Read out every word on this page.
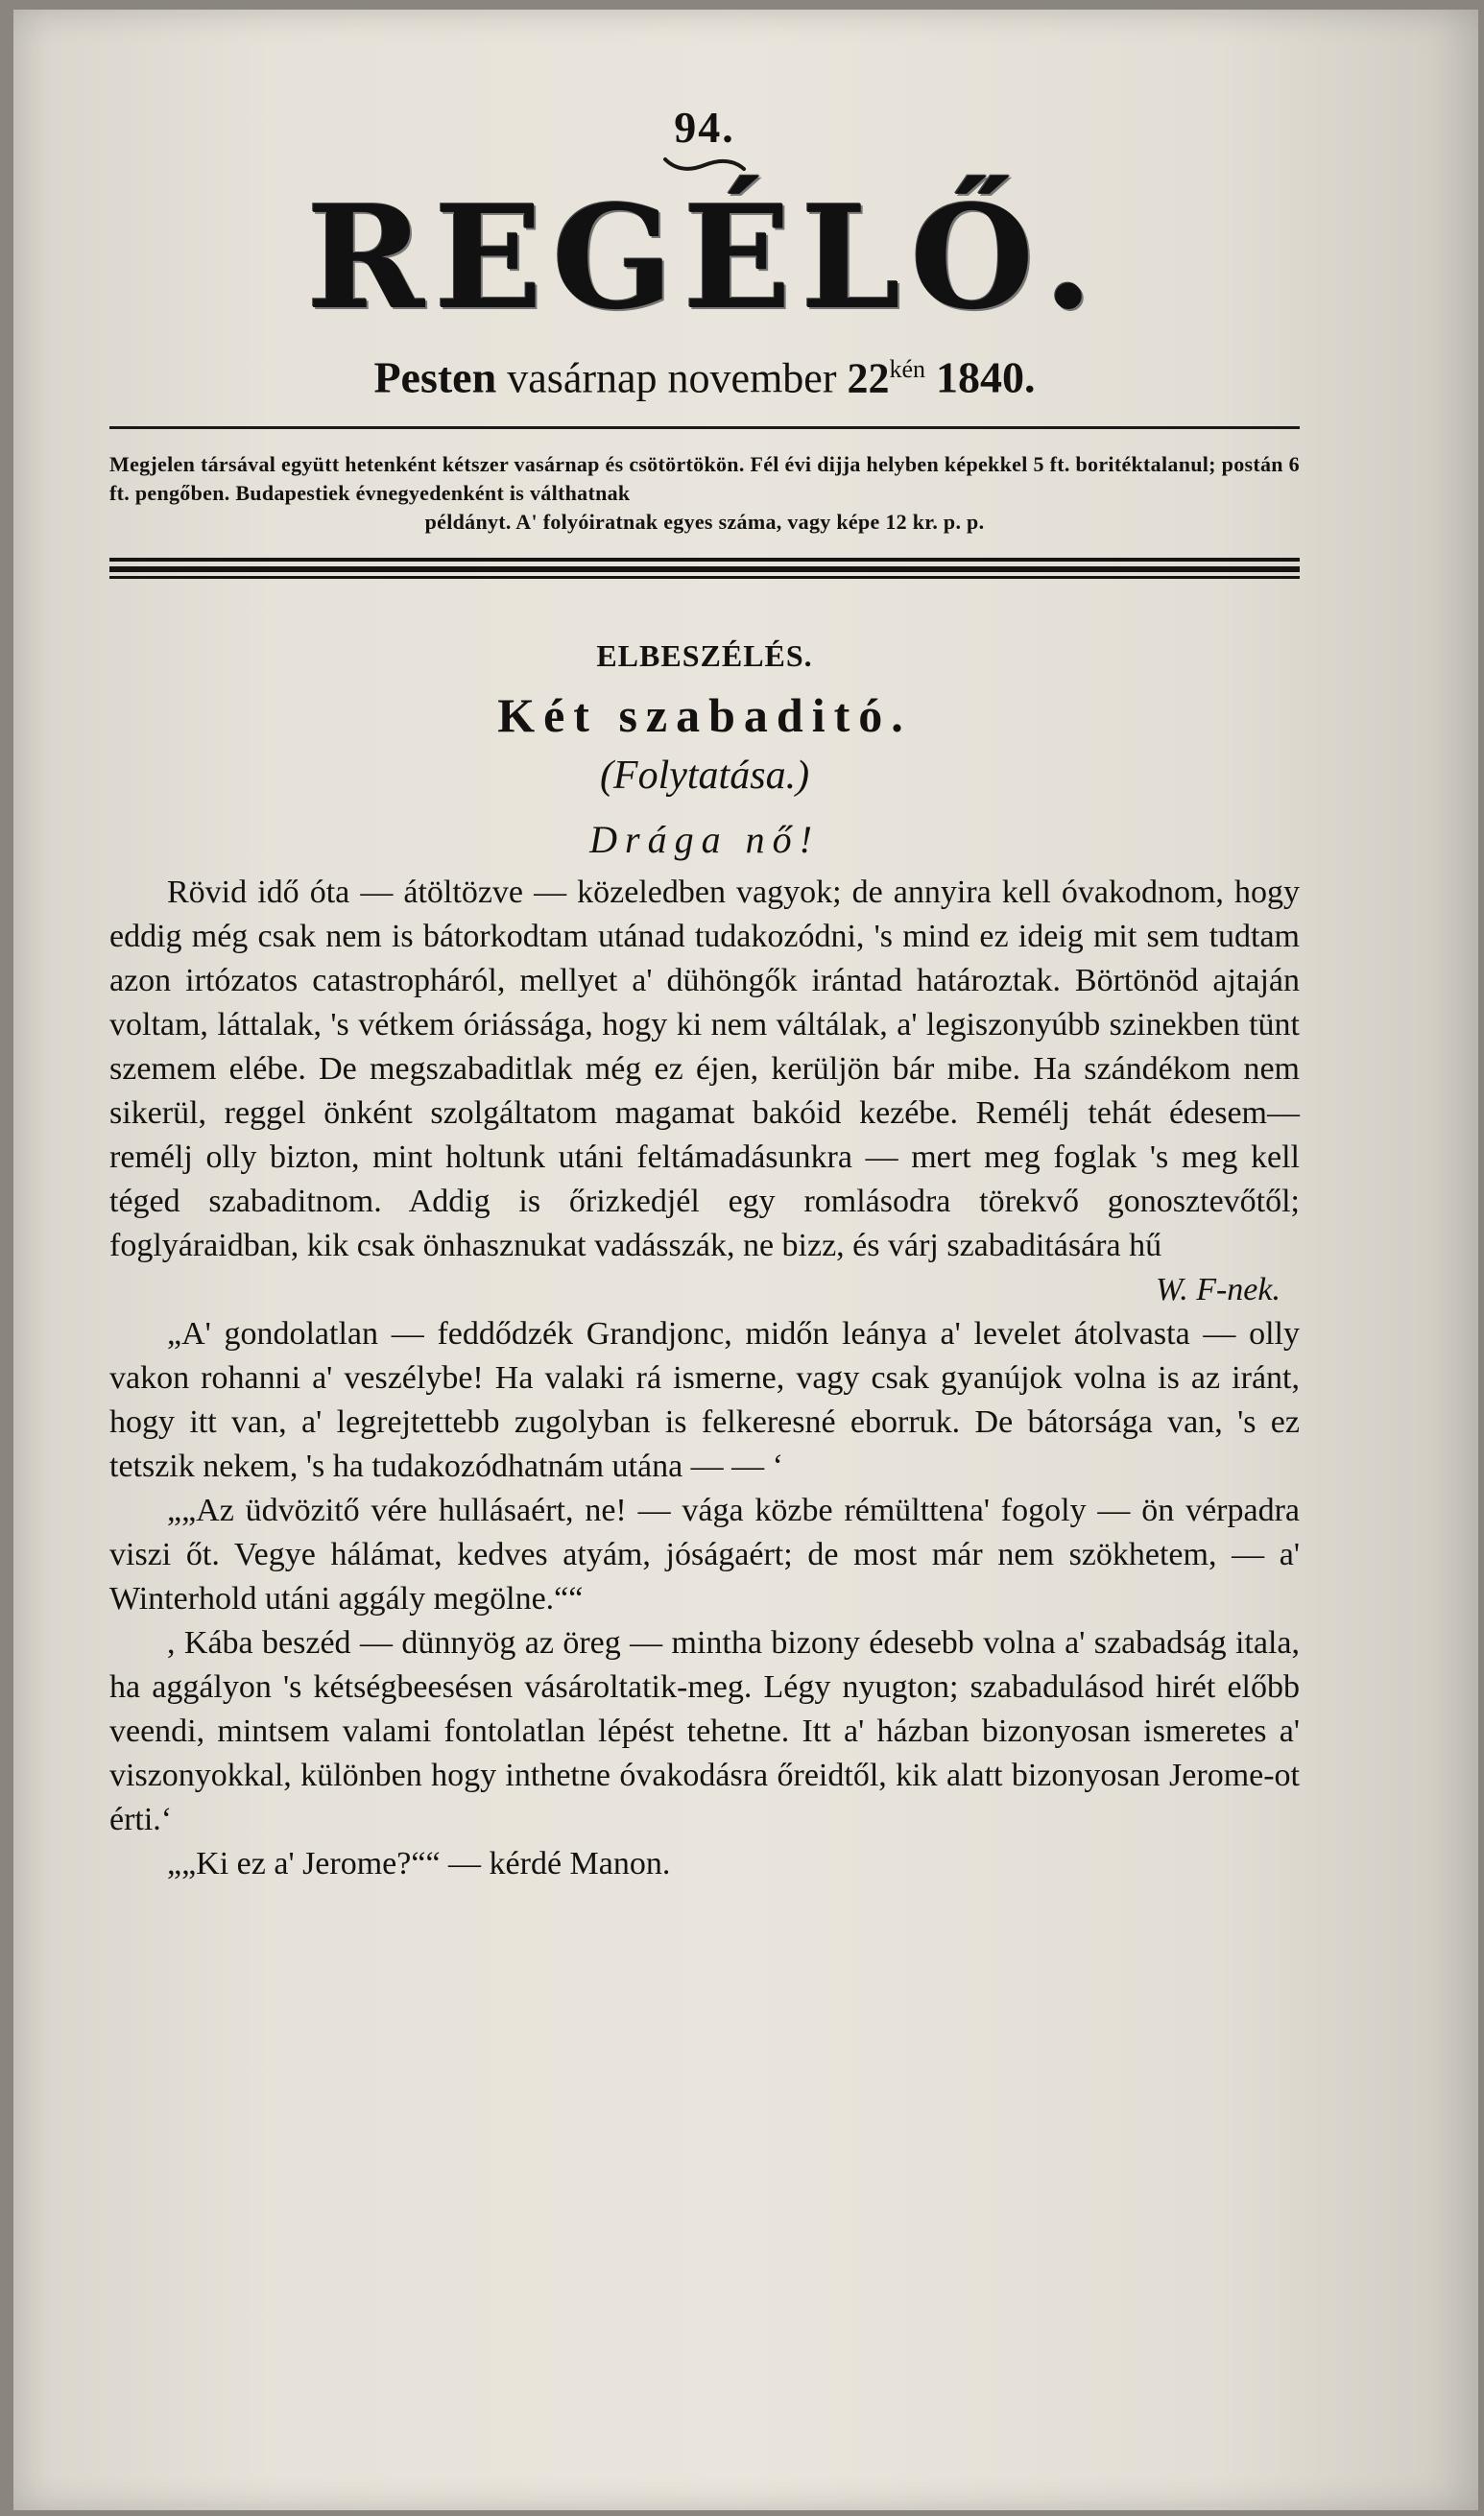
94.
REGÉLŐ.
Pesten vasárnap november $22^{kén}$ 1840.
Megjelen társával együtt hetenként kétszer vasárnap és csötörtökön. Fél évi dijja helyben képekkel 5 ft. boritéktalanul; postán 6 ft. pengőben. Budapestiek évnegyedenként is válthatnak
példányt. A' folyóiratnak egyes száma, vagy képe 12 kr. p. p.
ELBESZÉLÉS.
Két szabaditó.
(Folytatása.)
Drága nő!

Rövid idő óta — átöltözve — közeledben vagyok; de annyira kell óvakodnom, hogy eddig még csak nem is bátorkodtam utánad tudakozódni, 's mind ez ideig mit sem tudtam azon irtózatos catastropháról, mellyet a' dühöngők irántad határoztak. Börtönöd ajtaján voltam, láttalak, 's vétkem óriássága, hogy ki nem váltálak, a' legiszonyúbb szinekben tünt szemem elébe. De megszabaditlak még ez éjen, kerüljön bár mibe. Ha szándékom nem sikerül, reggel önként szolgáltatom magamat bakóid kezébe. Remélj tehát édesem— remélj olly bizton, mint holtunk utáni feltámadásunkra — mert meg foglak 's meg kell téged szabaditnom. Addig is őrizkedjél egy romlásodra törekvő gonosztevőtől; foglyáraidban, kik csak önhasznukat vadásszák, ne bizz, és várj szabaditására hű
W. F-nek.

„A' gondolatlan — feddődzék Grandjonc, midőn leánya a' levelet átolvasta — olly vakon rohanni a' veszélybe! Ha valaki rá ismerne, vagy csak gyanújok volna is az iránt, hogy itt van, a' legrejtettebb zugolyban is felkeresné eborruk. De bátorsága van, 's ez tetszik nekem, 's ha tudakozódhatnám utána — — ‘

„„Az üdvözitő vére hullásaért, ne! — vága közbe rémülttena' fogoly — ön vérpadra viszi őt. Vegye hálámat, kedves atyám, jóságaért; de most már nem szökhetem, — a' Winterhold utáni aggály megölne.““

, Kába beszéd — dünnyög az öreg — mintha bizony édesebb volna a' szabadság itala, ha aggályon 's kétségbeesésen vásároltatik-meg. Légy nyugton; szabadulásod hirét előbb veendi, mintsem valami fontolatlan lépést tehetne. Itt a' házban bizonyosan ismeretes a' viszonyokkal, különben hogy inthetne óvakodásra őreidtől, kik alatt bizonyosan Jerome-ot érti.‘

„„Ki ez a' Jerome?““ — kérdé Manon.
